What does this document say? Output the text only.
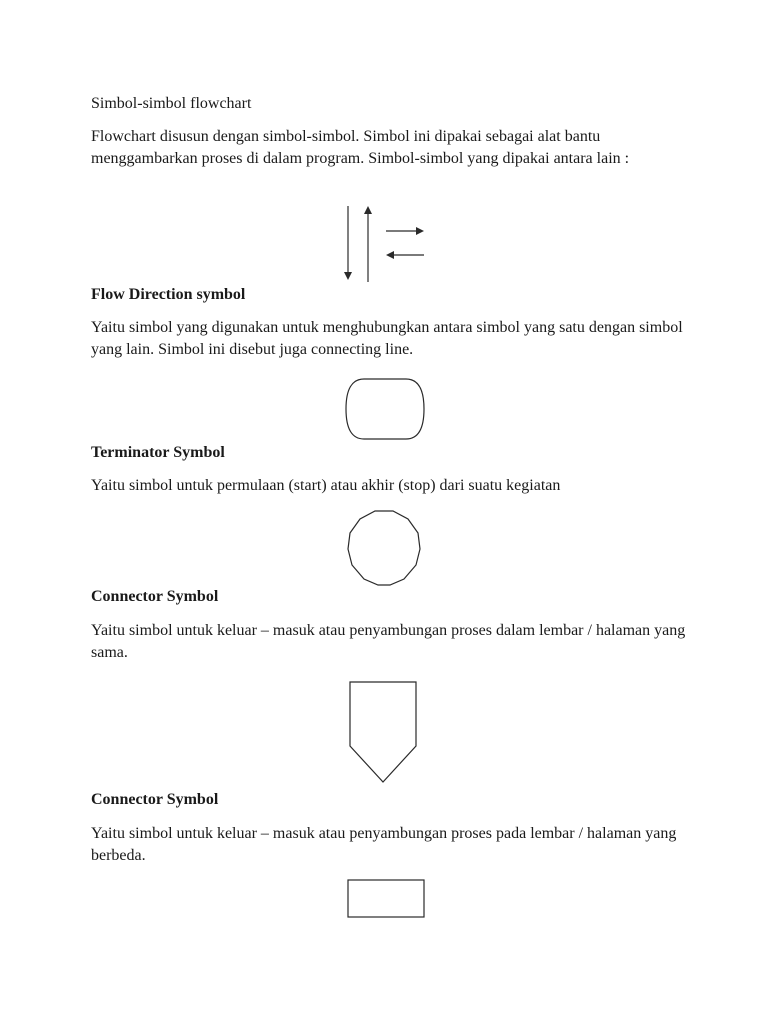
Simbol-simbol flowchart

Flowchart disusun dengan simbol-simbol. Simbol ini dipakai sebagai alat bantu menggambarkan proses di dalam program. Simbol-simbol yang dipakai antara lain :

Flow Direction symbol

Yaitu simbol yang digunakan untuk menghubungkan antara simbol yang satu dengan simbol yang lain. Simbol ini disebut juga connecting line.

Terminator Symbol

Yaitu simbol untuk permulaan (start) atau akhir (stop) dari suatu kegiatan

Connector Symbol

Yaitu simbol untuk keluar – masuk atau penyambungan proses dalam lembar / halaman yang sama.

Connector Symbol

Yaitu simbol untuk keluar – masuk atau penyambungan proses pada lembar / halaman yang berbeda.
